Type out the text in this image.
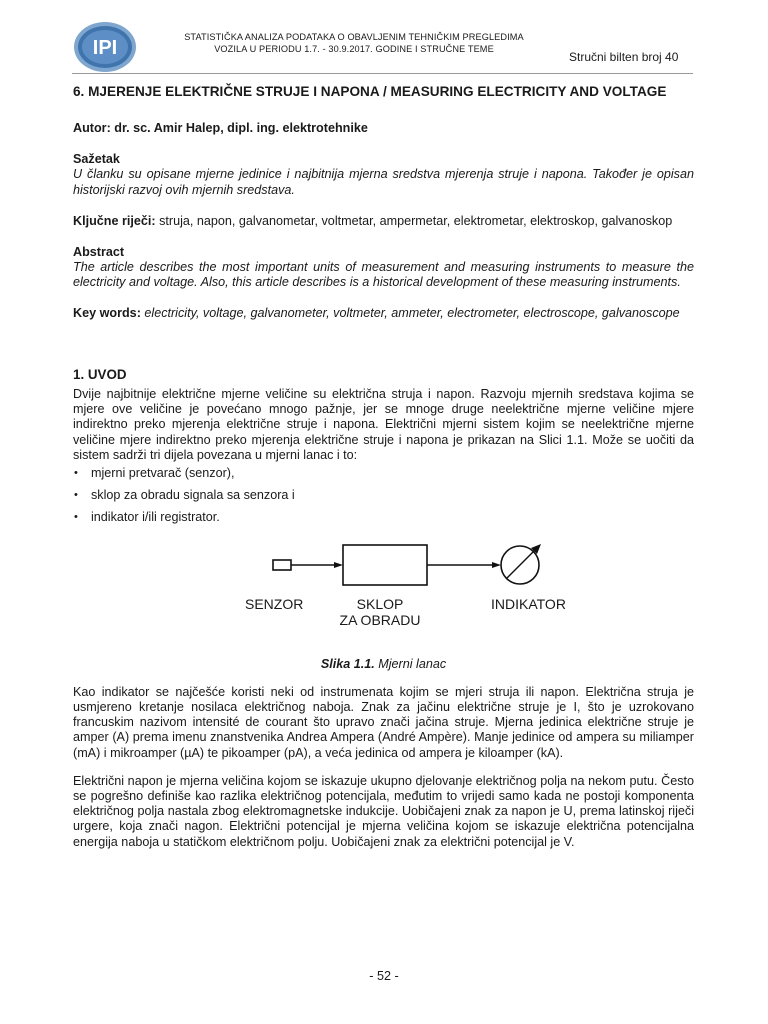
IPI	STATISTIČKA ANALIZA PODATAKA O OBAVLJENIM TEHNIČKIM PREGLEDIMA
VOZILA U PERIODU 1.7. - 30.9.2017. GODINE I STRUČNE TEME
Stručni bilten broj 40

6. MJERENJE ELEKTRIČNE STRUJE I NAPONA / MEASURING ELECTRICITY AND VOLTAGE

Autor: dr. sc. Amir Halep, dipl. ing. elektrotehnike

Sažetak

U članku su opisane mjerne jedinice i najbitnija mjerna sredstva mjerenja struje i napona. Također je opisan historijski razvoj ovih mjernih sredstava.

Ključne riječi: struja, napon, galvanometar, voltmetar, ampermetar, elektrometar, elektroskop, galvanoskop

Abstract

The article describes the most important units of measurement and measuring instruments to measure the electricity and voltage. Also, this article describes is a historical development of these measuring instruments.

Key words: electricity, voltage, galvanometer, voltmeter, ammeter, electrometer, electroscope, galvanoscope

1. UVOD

Dvije najbitnije električne mjerne veličine su električna struja i napon. Razvoju mjernih sredstava kojima se mjere ove veličine je povećano mnogo pažnje, jer se mnoge druge neelektrične mjerne veličine mjere indirektno preko mjerenja električne struje i napona. Električni mjerni sistem kojim se neelektrične mjerne veličine mjere indirektno preko mjerenja električne struje i napona je prikazan na Slici 1.1. Može se uočiti da sistem sadrži tri dijela povezana u mjerni lanac i to:

• mjerni pretvarač (senzor),
• sklop za obradu signala sa senzora i
• indikator i/ili registrator.
SENZOR	SKLOP
ZA OBRADU
INDIKATOR

Slika 1.1. Mjerni lanac

Kao indikator se najčešće koristi neki od instrumenata kojim se mjeri struja ili napon. Električna struja je usmjereno kretanje nosilaca električnog naboja. Znak za jačinu električne struje je I, što je uzrokovano francuskim nazivom intensité de courant što upravo znači jačina struje. Mjerna jedinica električne struje je amper (A) prema imenu znanstvenika Andrea Ampera (André Ampère). Manje jedinice od ampera su miliamper (mA) i mikroamper (µA) te pikoamper (pA), a veća jedinica od ampera je kiloamper (kA).

Električni napon je mjerna veličina kojom se iskazuje ukupno djelovanje električnog polja na nekom putu. Često se pogrešno definiše kao razlika električnog potencijala, međutim to vrijedi samo kada ne postoji komponenta električnog polja nastala zbog elektromagnetske indukcije. Uobičajeni znak za napon je U, prema latinskoj riječi urgere, koja znači nagon. Električni potencijal je mjerna veličina kojom se iskazuje električna potencijalna energija naboja u statičkom električnom polju. Uobičajeni znak za električni potencijal je V.

- 52 -
